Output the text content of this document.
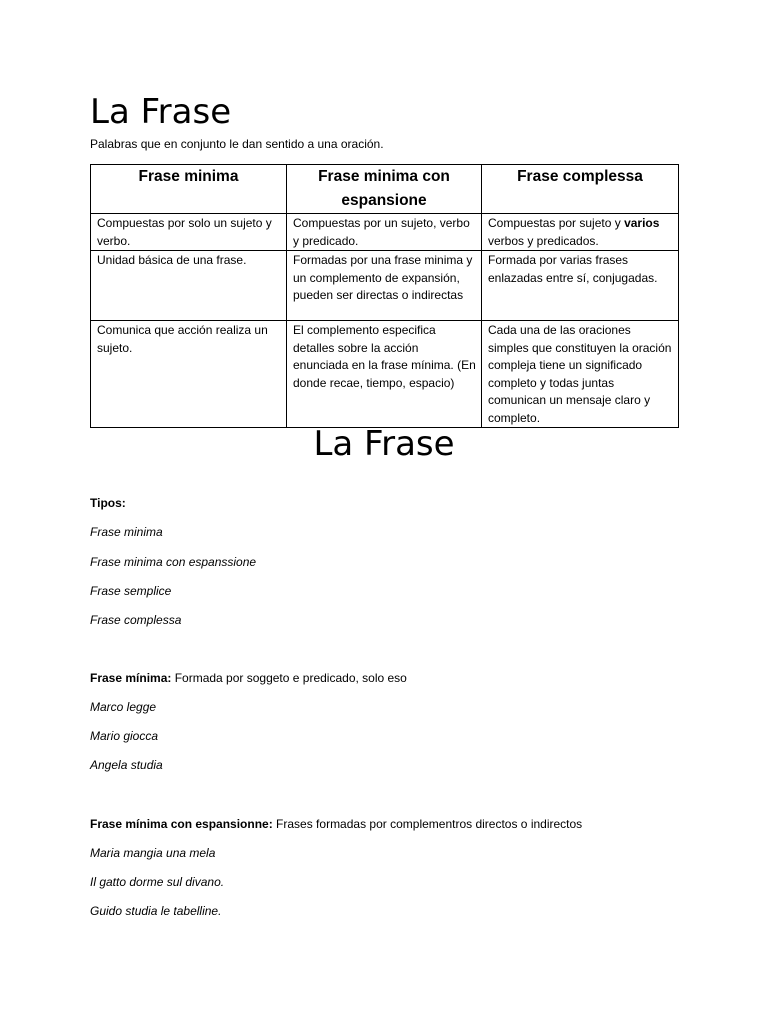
La Frase
Palabras que en conjunto le dan sentido a una oración.
Frase minima	Frase minima con espansione	Frase complessa
Compuestas por solo un sujeto y verbo.	Compuestas por un sujeto, verbo y predicado.	Compuestas por sujeto y varios verbos y predicados.
Unidad básica de una frase.	Formadas por una frase minima y un complemento de expansión, pueden ser directas o indirectas	Formada por varias frases enlazadas entre sí, conjugadas.
Comunica que acción realiza un sujeto.	El complemento especifica detalles sobre la acción enunciada en la frase mínima. (En donde recae, tiempo, espacio)	Cada una de las oraciones simples que constituyen la oración compleja tiene un significado completo y todas juntas comunican un mensaje claro y completo.
La Frase
Tipos:
Frase minima
Frase minima con espanssione
Frase semplice
Frase complessa
Frase mínima: Formada por soggeto e predicado, solo eso
Marco legge
Mario giocca
Angela studia
Frase mínima con espansionne: Frases formadas por complementros directos o indirectos
Maria mangia una mela
Il gatto dorme sul divano.
Guido studia le tabelline.
